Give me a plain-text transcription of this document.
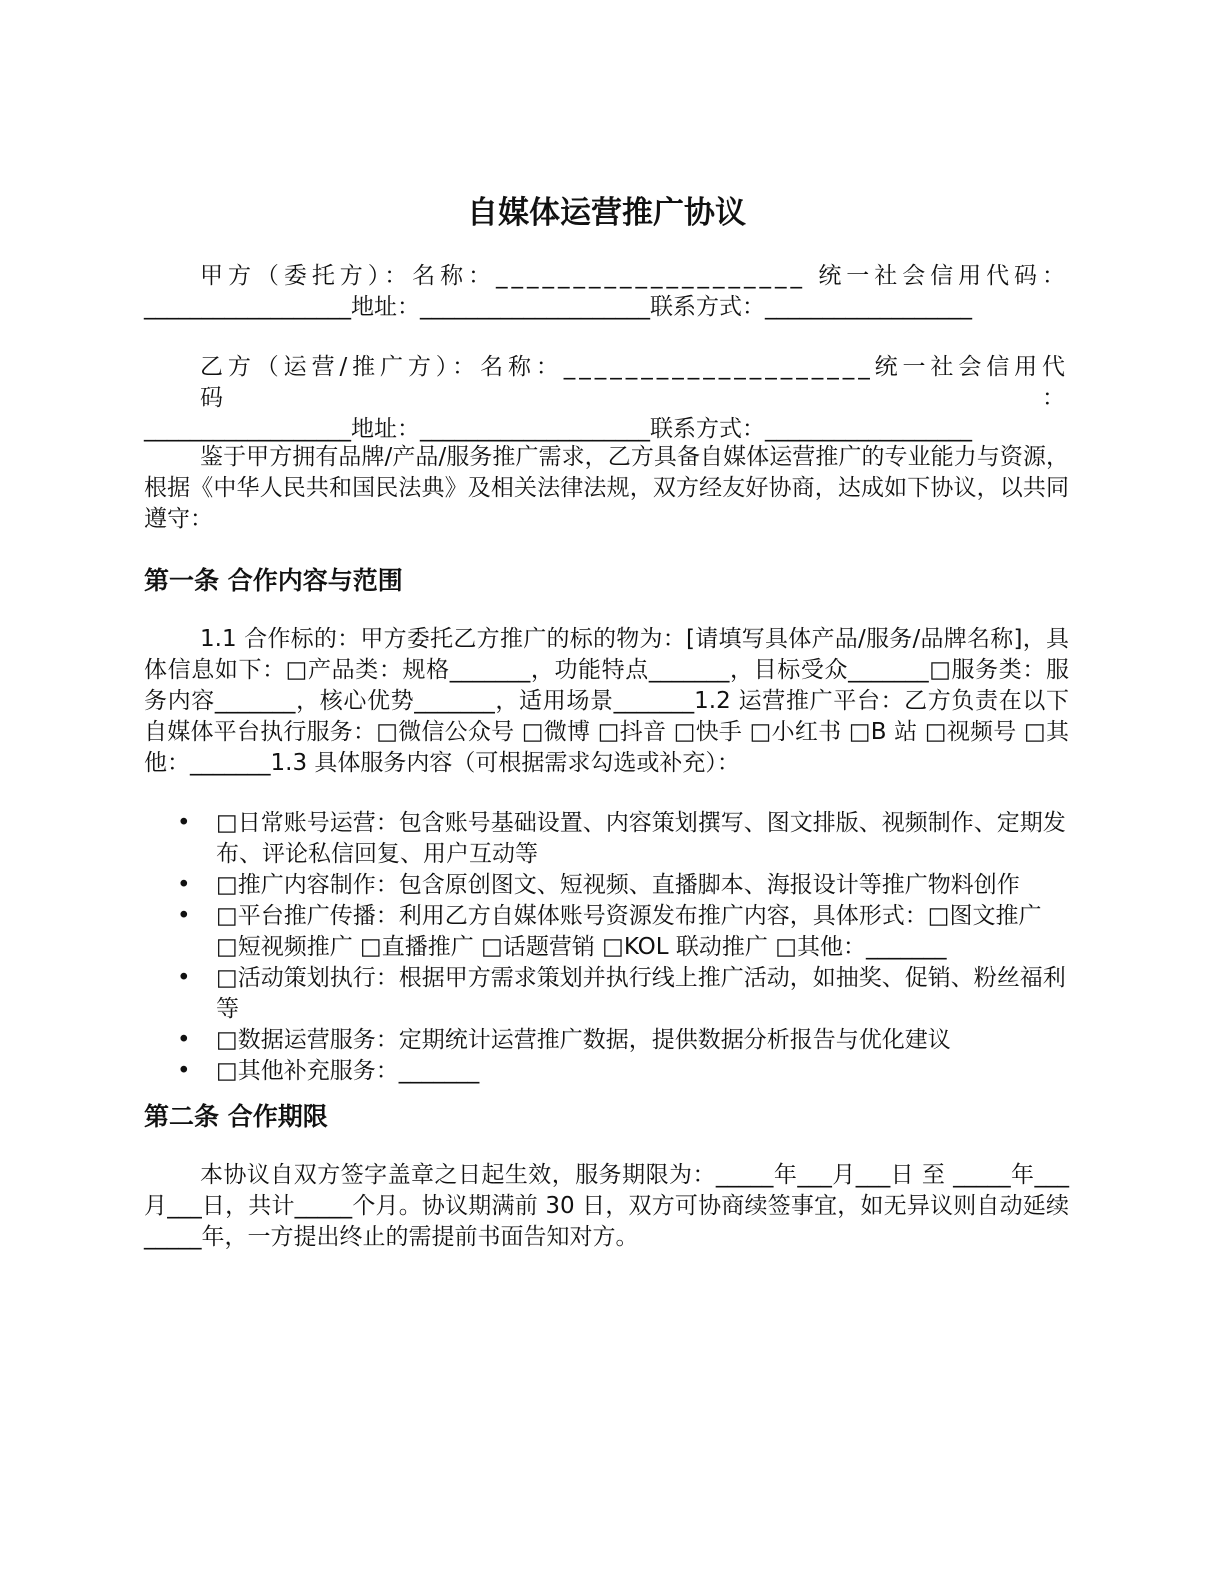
自媒体运营推广协议
甲方（委托方）：名称：____________________ 统一社会信用代码：
__________________地址：____________________联系方式：__________________
乙方（运营/推广方）：名称：____________________统一社会信用代码：
__________________地址：____________________联系方式：__________________

鉴于甲方拥有品牌/产品/服务推广需求，乙方具备自媒体运营推广的专业能力与资源，根据《中华人民共和国民法典》及相关法律法规，双方经友好协商，达成如下协议，以共同遵守：

第一条 合作内容与范围

1.1 合作标的：甲方委托乙方推广的标的物为：[请填写具体产品/服务/品牌名称]，具体信息如下：□产品类：规格_______，功能特点_______，目标受众_______□服务类：服务内容_______，核心优势_______，适用场景_______1.2 运营推广平台：乙方负责在以下自媒体平台执行服务：□微信公众号 □微博 □抖音 □快手 □小红书 □B 站 □视频号 □其他：_______1.3 具体服务内容（可根据需求勾选或补充）：

• □日常账号运营：包含账号基础设置、内容策划撰写、图文排版、视频制作、定期发布、评论私信回复、用户互动等
• □推广内容制作：包含原创图文、短视频、直播脚本、海报设计等推广物料创作
• □平台推广传播：利用乙方自媒体账号资源发布推广内容，具体形式：□图文推广 □短视频推广 □直播推广 □话题营销 □KOL 联动推广 □其他：_______
• □活动策划执行：根据甲方需求策划并执行线上推广活动，如抽奖、促销、粉丝福利等
• □数据运营服务：定期统计运营推广数据，提供数据分析报告与优化建议
• □其他补充服务：_______
第二条 合作期限

本协议自双方签字盖章之日起生效，服务期限为：_____年___月___日 至 _____年___月___日，共计_____个月。协议期满前 30 日，双方可协商续签事宜，如无异议则自动延续_____年，一方提出终止的需提前书面告知对方。
